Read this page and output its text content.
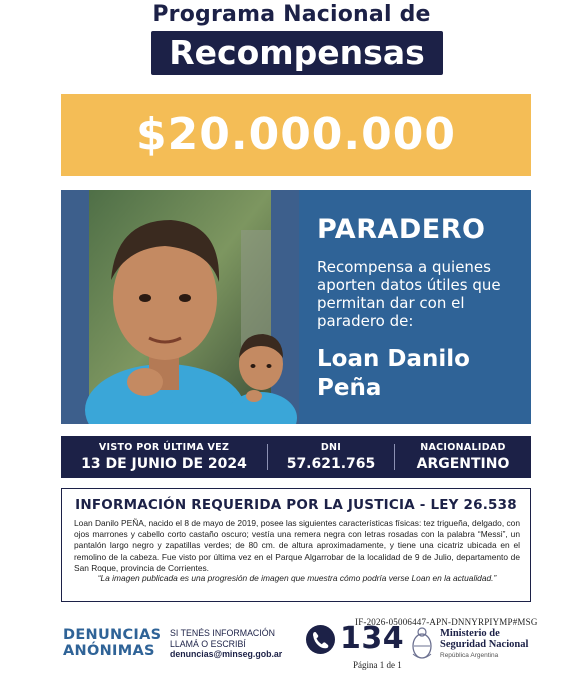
Programa Nacional de
Recompensas
$20.000.000
PARADERO
Recompensa a quienes aporten datos útiles que permitan dar con el paradero de:
Loan Danilo Peña
VISTO POR ÚLTIMA VEZ
13 DE JUNIO DE 2024
DNI
57.621.765
NACIONALIDAD
ARGENTINO
INFORMACIÓN REQUERIDA POR LA JUSTICIA - LEY 26.538
Loan Danilo PEÑA, nacido el 8 de mayo de 2019, posee las siguientes características físicas: tez trigueña, delgado, con ojos marrones y cabello corto castaño oscuro; vestía una remera negra con letras rosadas con la palabra “Messi”, un pantalón largo negro y zapatillas verdes; de 80 cm. de altura aproximadamente, y tiene una cicatriz ubicada en el remolino de la cabeza. Fue visto por última vez en el Parque Algarrobar de la localidad de 9 de Julio, departamento de San Roque, provincia de Corrientes.
“La imagen publicada es una progresión de imagen que muestra cómo podría verse Loan en la actualidad.”
DENUNCIAS
ANÓNIMAS
SI TENÉS INFORMACIÓN
LLAMÁ O ESCRIBÍ
denuncias@minseg.gob.ar 134
IF-2026-05006447-APN-DNNYRPIYMP#MSG
Página 1 de 1
Ministerio de
Seguridad Nacional
República Argentina
